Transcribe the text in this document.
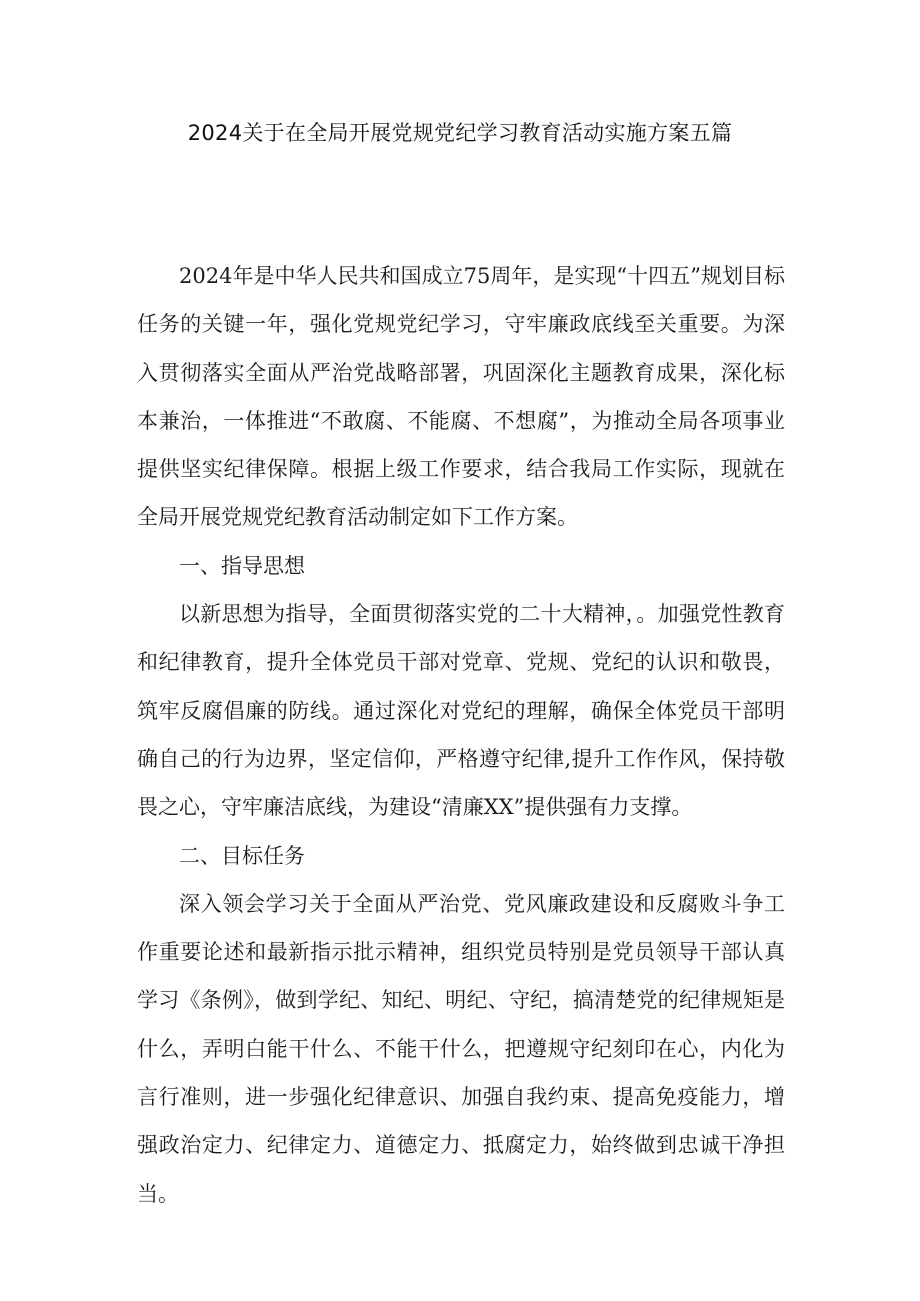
2024关于在全局开展党规党纪学习教育活动实施方案五篇

2024年是中华人民共和国成立75周年，是实现“十四五”规划目标任务的关键一年，强化党规党纪学习，守牢廉政底线至关重要。为深入贯彻落实全面从严治党战略部署，巩固深化主题教育成果，深化标本兼治，一体推进“不敢腐、不能腐、不想腐”，为推动全局各项事业提供坚实纪律保障。根据上级工作要求，结合我局工作实际，现就在全局开展党规党纪教育活动制定如下工作方案。

一、指导思想

以新思想为指导，全面贯彻落实党的二十大精神，。加强党性教育和纪律教育，提升全体党员干部对党章、党规、党纪的认识和敬畏，筑牢反腐倡廉的防线。通过深化对党纪的理解，确保全体党员干部明确自己的行为边界，坚定信仰，严格遵守纪律,提升工作作风，保持敬畏之心，守牢廉洁底线，为建设“清廉XX”提供强有力支撑。

二、目标任务

深入领会学习关于全面从严治党、党风廉政建设和反腐败斗争工作重要论述和最新指示批示精神，组织党员特别是党员领导干部认真学习《条例》，做到学纪、知纪、明纪、守纪，搞清楚党的纪律规矩是什么，弄明白能干什么、不能干什么，把遵规守纪刻印在心，内化为言行准则，进一步强化纪律意识、加强自我约束、提高免疫能力，增强政治定力、纪律定力、道德定力、抵腐定力，始终做到忠诚干净担当。
